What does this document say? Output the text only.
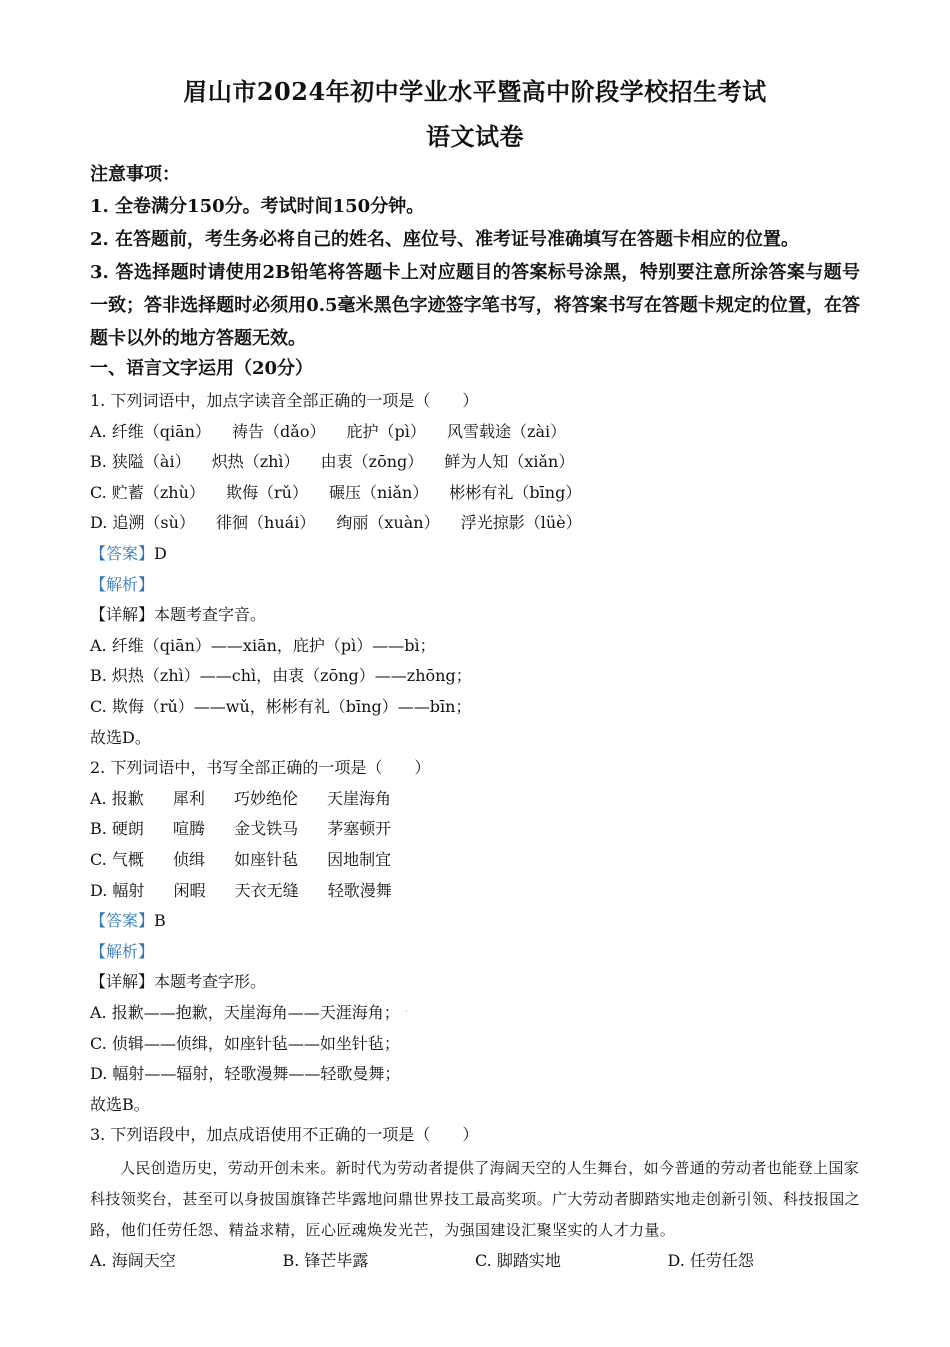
眉山市2024年初中学业水平暨高中阶段学校招生考试
语文试卷
注意事项：

1. 全卷满分150分。考试时间150分钟。

2. 在答题前，考生务必将自己的姓名、座位号、准考证号准确填写在答题卡相应的位置。

3. 答选择题时请使用2B铅笔将答题卡上对应题目的答案标号涂黑，特别要注意所涂答案与题号一致；答非选择题时必须用0.5毫米黑色字迹签字笔书写，将答案书写在答题卡规定的位置，在答题卡以外的地方答题无效。

一、语言文字运用（20分）

1. 下列词语中，加点字读音全部正确的一项是（　　）

A. 纤维（qiān）  祷告（dǎo）  庇护（pì）  风雪载途（zài）

B. 狭隘（ài）  炽热（zhì）  由衷（zōng）  鲜为人知（xiǎn）

C. 贮蓄（zhù）  欺侮（rǔ）  碾压（niǎn）  彬彬有礼（bīng）

D. 追溯（sù）  徘徊（huái）  绚丽（xuàn）  浮光掠影（lüè）

【答案】D

【解析】

【详解】本题考查字音。

A. 纤维（qiān）——xiān，庇护（pì）——bì；

B. 炽热（zhì）——chì，由衷（zōng）——zhōng；

C. 欺侮（rǔ）——wǔ，彬彬有礼（bīng）——bīn；

故选D。

2. 下列词语中，书写全部正确的一项是（　　）

A. 报歉   犀利   巧妙绝伦   天崖海角

B. 硬朗   喧腾   金戈铁马   茅塞顿开

C. 气概   侦缉   如座针毡   因地制宜

D. 幅射   闲暇   天衣无缝   轻歌漫舞

【答案】B

【解析】

【详解】本题考查字形。

A. 报歉——抱歉，天崖海角——天涯海角； ·

C. 侦辑——侦缉，如座针毡——如坐针毡；

D. 幅射——辐射，轻歌漫舞——轻歌曼舞；

故选B。

3. 下列语段中，加点成语使用不正确的一项是（　　）

人民创造历史，劳动开创未来。新时代为劳动者提供了海阔天空的人生舞台，如今普通的劳动者也能登上国家科技领奖台，甚至可以身披国旗锋芒毕露地问鼎世界技工最高奖项。广大劳动者脚踏实地走创新引领、科技报国之路，他们任劳任怨、精益求精，匠心匠魂焕发光芒，为强国建设汇聚坚实的人才力量。

A. 海阔天空	B. 锋芒毕露	C. 脚踏实地	D. 任劳任怨
